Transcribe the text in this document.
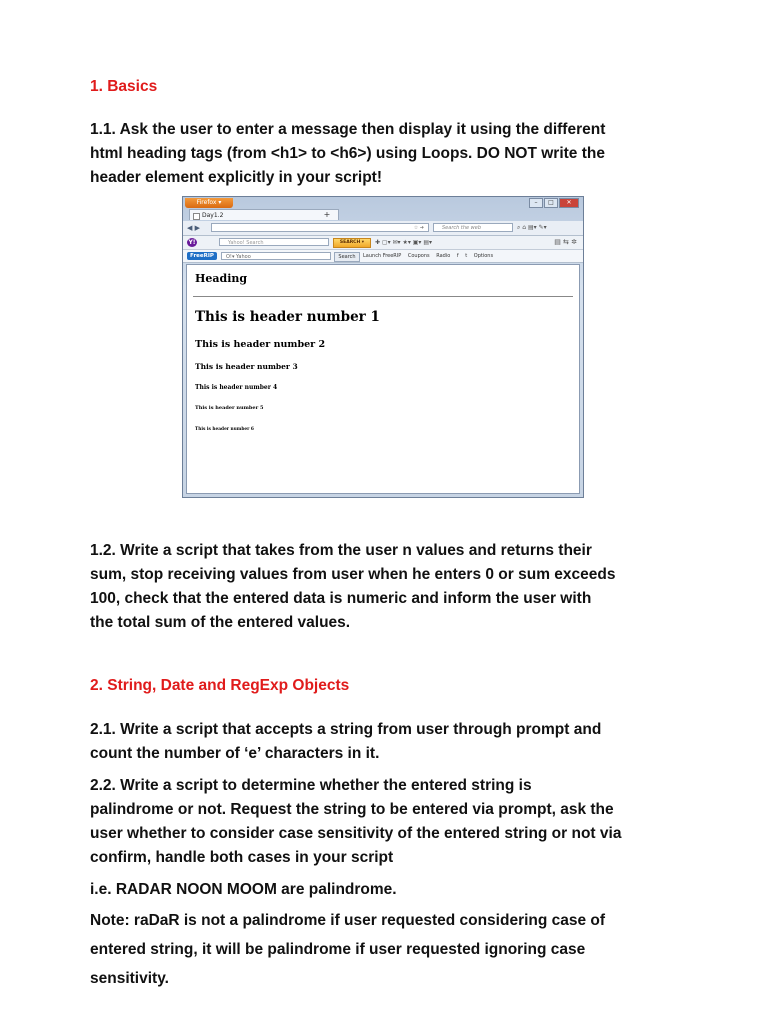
1. Basics
1.1. Ask the user to enter a message then display it using the different
html heading tags (from <h1> to <h6>) using Loops. DO NOT write the
header element explicitly in your script!
1.2. Write a script that takes from the user n values and returns their
sum, stop receiving values from user when he enters 0 or sum exceeds
100, check that the entered data is numeric and inform the user with
the total sum of the entered values.
2. String, Date and RegExp Objects
2.1. Write a script that accepts a string from user through prompt and
count the number of ‘e’ characters in it.
2.2. Write a script to determine whether the entered string is
palindrome or not. Request the string to be entered via prompt, ask the
user whether to consider case sensitivity of the entered string or not via
confirm, handle both cases in your script
i.e. RADAR NOON MOOM are palindrome.
Note: raDaR is not a palindrome if user requested considering case of
entered string, it will be palindrome if user requested ignoring case
sensitivity.
Firefox ▾	–	□	✕
Day1.2	+
◀ ▶	☆ ➜	Search the web	⌕ ⌂ ▤▾ ✎▾
Y!	Yahoo! Search	SEARCH ▾	✚ ▢▾ ✉▾ ★▾ ▣▾ ▤▾	▤ ⇆ ✲
FreeRIP	O!▾ Yahoo	Search	Launch FreeRIP Coupons Radio f t Options
Heading
This is header number 1
This is header number 2
This is header number 3
This is header number 4
This is header number 5
This is header number 6
